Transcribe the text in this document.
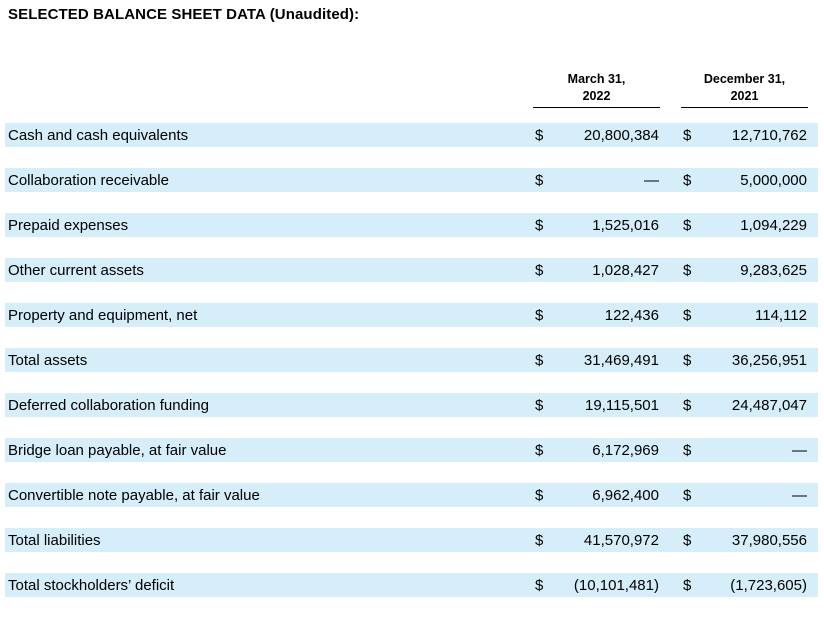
SELECTED BALANCE SHEET DATA (Unaudited):
March 31,
2022
December 31,
2021
Cash and cash equivalents	$	20,800,384 $	12,710,762
Collaboration receivable	$	— $	5,000,000
Prepaid expenses	$	1,525,016 $	1,094,229
Other current assets	$	1,028,427 $	9,283,625
Property and equipment, net	$	122,436 $	114,112
Total assets	$	31,469,491 $	36,256,951
Deferred collaboration funding	$	19,115,501 $	24,487,047
Bridge loan payable, at fair value	$	6,172,969 $	—
Convertible note payable, at fair value	$	6,962,400 $	—
Total liabilities	$	41,570,972 $	37,980,556
Total stockholders’ deficit	$	(10,101,481) $	(1,723,605)
